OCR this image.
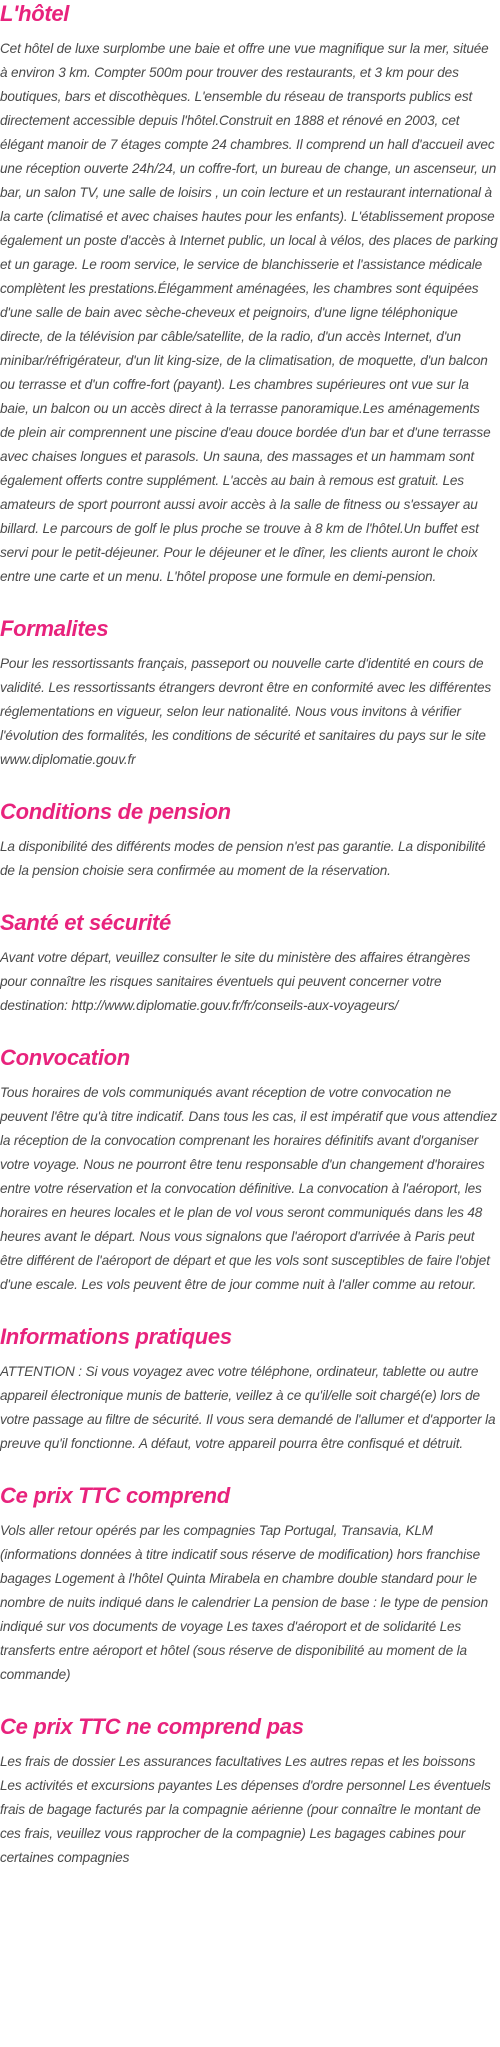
L'hôtel

Cet hôtel de luxe surplombe une baie et offre une vue magnifique sur la mer, située à environ 3 km. Compter 500m pour trouver des restaurants, et 3 km pour des boutiques, bars et discothèques. L'ensemble du réseau de transports publics est directement accessible depuis l'hôtel.Construit en 1888 et rénové en 2003, cet élégant manoir de 7 étages compte 24 chambres. Il comprend un hall d'accueil avec une réception ouverte 24h/24, un coffre-fort, un bureau de change, un ascenseur, un bar, un salon TV, une salle de loisirs , un coin lecture et un restaurant international à la carte (climatisé et avec chaises hautes pour les enfants). L'établissement propose également un poste d'accès à Internet public, un local à vélos, des places de parking et un garage. Le room service, le service de blanchisserie et l'assistance médicale complètent les prestations.Élégamment aménagées, les chambres sont équipées d'une salle de bain avec sèche-cheveux et peignoirs, d'une ligne téléphonique directe, de la télévision par câble/satellite, de la radio, d'un accès Internet, d'un minibar/réfrigérateur, d'un lit king-size, de la climatisation, de moquette, d'un balcon ou terrasse et d'un coffre-fort (payant). Les chambres supérieures ont vue sur la baie, un balcon ou un accès direct à la terrasse panoramique.Les aménagements de plein air comprennent une piscine d'eau douce bordée d'un bar et d'une terrasse avec chaises longues et parasols. Un sauna, des massages et un hammam sont également offerts contre supplément. L'accès au bain à remous est gratuit. Les amateurs de sport pourront aussi avoir accès à la salle de fitness ou s'essayer au billard. Le parcours de golf le plus proche se trouve à 8 km de l'hôtel.Un buffet est servi pour le petit-déjeuner. Pour le déjeuner et le dîner, les clients auront le choix entre une carte et un menu. L'hôtel propose une formule en demi-pension.

Formalites

Pour les ressortissants français, passeport ou nouvelle carte d'identité en cours de validité. Les ressortissants étrangers devront être en conformité avec les différentes réglementations en vigueur, selon leur nationalité. Nous vous invitons à vérifier l'évolution des formalités, les conditions de sécurité et sanitaires du pays sur le site www.diplomatie.gouv.fr

Conditions de pension

La disponibilité des différents modes de pension n'est pas garantie. La disponibilité de la pension choisie sera confirmée au moment de la réservation.

Santé et sécurité

Avant votre départ, veuillez consulter le site du ministère des affaires étrangères pour connaître les risques sanitaires éventuels qui peuvent concerner votre destination: http://www.diplomatie.gouv.fr/fr/conseils-aux-voyageurs/

Convocation

Tous horaires de vols communiqués avant réception de votre convocation ne peuvent l'être qu'à titre indicatif. Dans tous les cas, il est impératif que vous attendiez la réception de la convocation comprenant les horaires définitifs avant d'organiser votre voyage. Nous ne pourront être tenu responsable d'un changement d'horaires entre votre réservation et la convocation définitive. La convocation à l'aéroport, les horaires en heures locales et le plan de vol vous seront communiqués dans les 48 heures avant le départ. Nous vous signalons que l'aéroport d'arrivée à Paris peut être différent de l'aéroport de départ et que les vols sont susceptibles de faire l'objet d'une escale. Les vols peuvent être de jour comme nuit à l'aller comme au retour.

Informations pratiques

ATTENTION : Si vous voyagez avec votre téléphone, ordinateur, tablette ou autre appareil électronique munis de batterie, veillez à ce qu'il/elle soit chargé(e) lors de votre passage au filtre de sécurité. Il vous sera demandé de l'allumer et d'apporter la preuve qu'il fonctionne. A défaut, votre appareil pourra être confisqué et détruit.

Ce prix TTC comprend

Vols aller retour opérés par les compagnies Tap Portugal, Transavia, KLM (informations données à titre indicatif sous réserve de modification) hors franchise bagages Logement à l'hôtel Quinta Mirabela en chambre double standard pour le nombre de nuits indiqué dans le calendrier La pension de base : le type de pension indiqué sur vos documents de voyage Les taxes d'aéroport et de solidarité Les transferts entre aéroport et hôtel (sous réserve de disponibilité au moment de la commande)

Ce prix TTC ne comprend pas

Les frais de dossier Les assurances facultatives Les autres repas et les boissons Les activités et excursions payantes Les dépenses d'ordre personnel Les éventuels frais de bagage facturés par la compagnie aérienne (pour connaître le montant de ces frais, veuillez vous rapprocher de la compagnie) Les bagages cabines pour certaines compagnies
